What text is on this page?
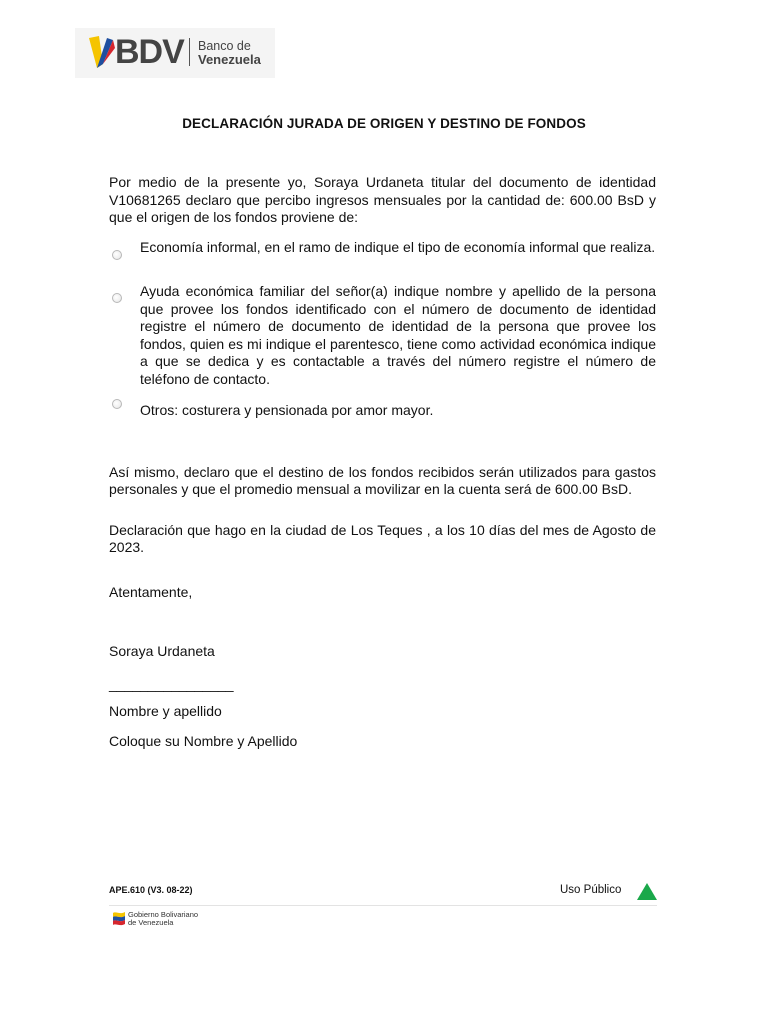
BDV Banco de
Venezuela
DECLARACIÓN JURADA DE ORIGEN Y DESTINO DE FONDOS
Por medio de la presente yo, Soraya Urdaneta titular del documento de identidad V10681265 declaro que percibo ingresos mensuales por la cantidad de: 600.00 BsD y que el origen de los fondos proviene de:
Economía informal, en el ramo de indique el tipo de economía informal que realiza.
Ayuda económica familiar del señor(a) indique nombre y apellido de la persona que provee los fondos identificado con el número de documento de identidad registre el número de documento de identidad de la persona que provee los fondos, quien es mi indique el parentesco, tiene como actividad económica indique a que se dedica y es contactable a través del número registre el número de teléfono de contacto.
Otros: costurera y pensionada por amor mayor.
Así mismo, declaro que el destino de los fondos recibidos serán utilizados para gastos personales y que el promedio mensual a movilizar en la cuenta será de 600.00 BsD.
Declaración que hago en la ciudad de Los Teques , a los 10 días del mes de Agosto de 2023.
Atentamente,
Soraya Urdaneta
________________
Nombre y apellido
Coloque su Nombre y Apellido
APE.610 (V3. 08-22)	Uso Público
Gobierno Bolivariano
de Venezuela
